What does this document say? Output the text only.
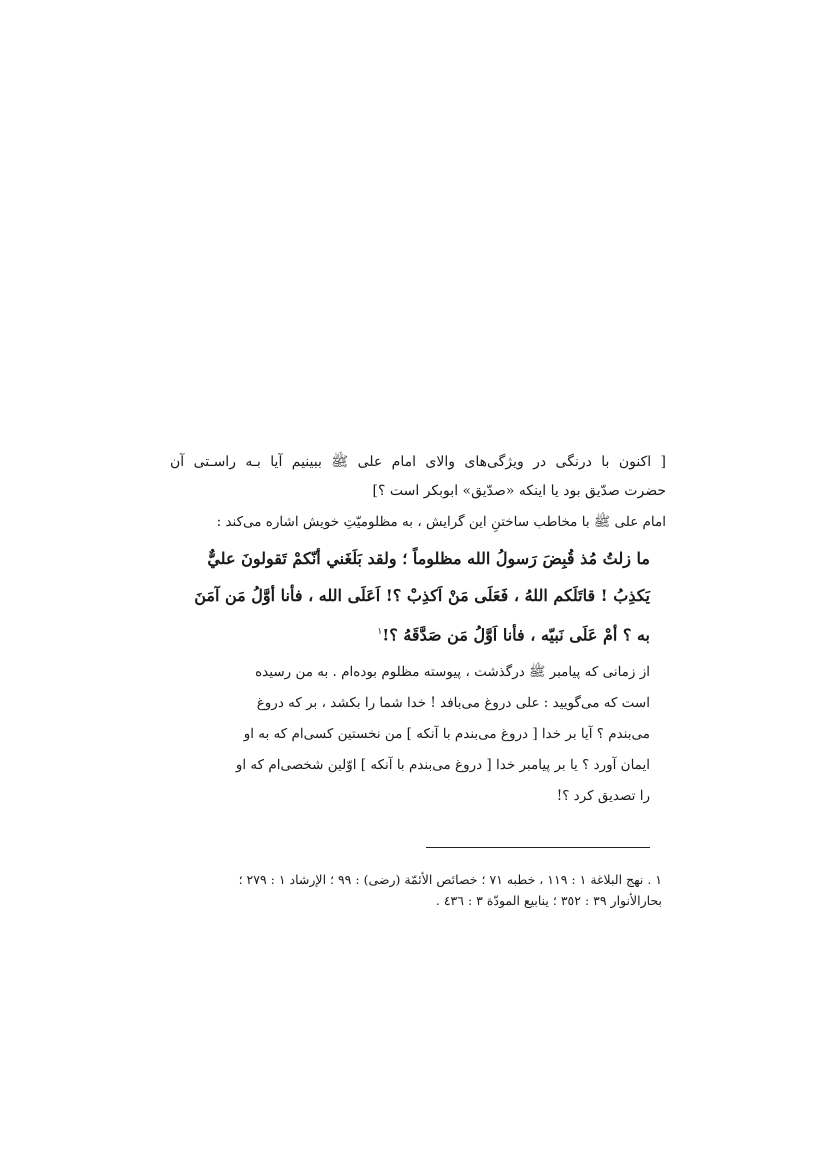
[ اکنون با درنگی در ویژگی‌های والای امام علی ﷺ ببینیم آیا بـه راسـتی آن
حضرت صدّیق بود یا اینکه «صدّیق» ابوبکر است ؟]

امام علی ﷺ با مخاطب ساختنِ این گرایش ، به مظلومیّتِ خویش اشاره می‌کند :

ما زلتُ مُذ قُبِضَ رَسولُ الله مظلوماً ؛ ولقد بَلَغَني أنّكمْ تَقولونَ عليٌّ
يَكذِبُ ! قاتَلَكم اللهُ ، فَعَلَى مَنْ اَكذِبْ ؟! اَعَلَى الله ، فأنا أوَّلُ مَن آمَنَ
به ؟ أمْ عَلَى نَبيّه ، فأنا اَوَّلُ مَن صَدَّقَهُ ؟!$^١$
از زمانی که پیامبر ﷺ درگذشت ، پیوسته مظلوم بوده‌ام . به من رسیده
است که می‌گویید : علی دروغ می‌بافد ! خدا شما را بکشد ، بر که دروغ
می‌بندم ؟ آیا بر خدا [ دروغ می‌بندم با آنکه ] من نخستین کسی‌ام که به او
ایمان آورد ؟ یا بر پیامبر خدا [ دروغ می‌بندم با آنکه ] اوّلین شخصی‌ام که او
را تصدیق کرد ؟!
١ . نهج البلاغة ١ : ١١٩ ، خطبه ٧١ ؛ خصائص الأئمّة (رضی) : ٩٩ ؛ الإرشاد ١ : ٢٧٩ ؛
بحارالأنوار ٣٩ : ٣٥٢ ؛ ينابيع المودّة ٣ : ٤٣٦ .
